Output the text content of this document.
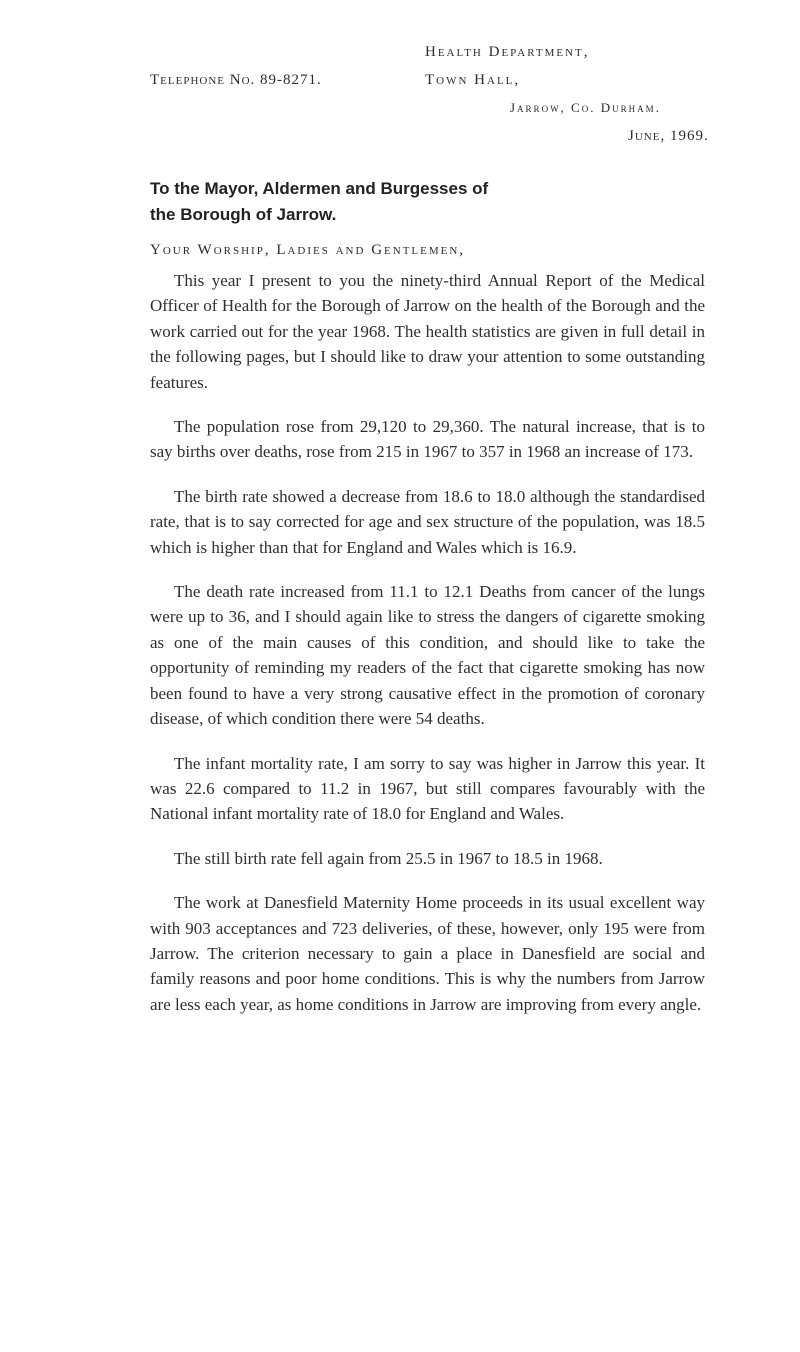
Health Department,
Telephone No. 89-8271.	Town Hall,
Jarrow, Co. Durham.
June, 1969.
To the Mayor, Aldermen and Burgesses of
the Borough of Jarrow.
Your Worship, Ladies and Gentlemen,

This year I present to you the ninety-third Annual Report of the Medical Officer of Health for the Borough of Jarrow on the health of the Borough and the work carried out for the year 1968. The health statistics are given in full detail in the following pages, but I should like to draw your attention to some outstanding features.

The population rose from 29,120 to 29,360. The natural increase, that is to say births over deaths, rose from 215 in 1967 to 357 in 1968 an increase of 173.

The birth rate showed a decrease from 18.6 to 18.0 although the standardised rate, that is to say corrected for age and sex structure of the population, was 18.5 which is higher than that for England and Wales which is 16.9.

The death rate increased from 11.1 to 12.1 Deaths from cancer of the lungs were up to 36, and I should again like to stress the dangers of cigarette smoking as one of the main causes of this condition, and should like to take the opportunity of reminding my readers of the fact that cigarette smoking has now been found to have a very strong causative effect in the promotion of coronary disease, of which condition there were 54 deaths.

The infant mortality rate, I am sorry to say was higher in Jarrow this year. It was 22.6 compared to 11.2 in 1967, but still compares favourably with the National infant mortality rate of 18.0 for England and Wales.

The still birth rate fell again from 25.5 in 1967 to 18.5 in 1968.

The work at Danesfield Maternity Home proceeds in its usual excellent way with 903 acceptances and 723 deliveries, of these, however, only 195 were from Jarrow. The criterion necessary to gain a place in Danesfield are social and family reasons and poor home conditions. This is why the numbers from Jarrow are less each year, as home conditions in Jarrow are improving from every angle.
